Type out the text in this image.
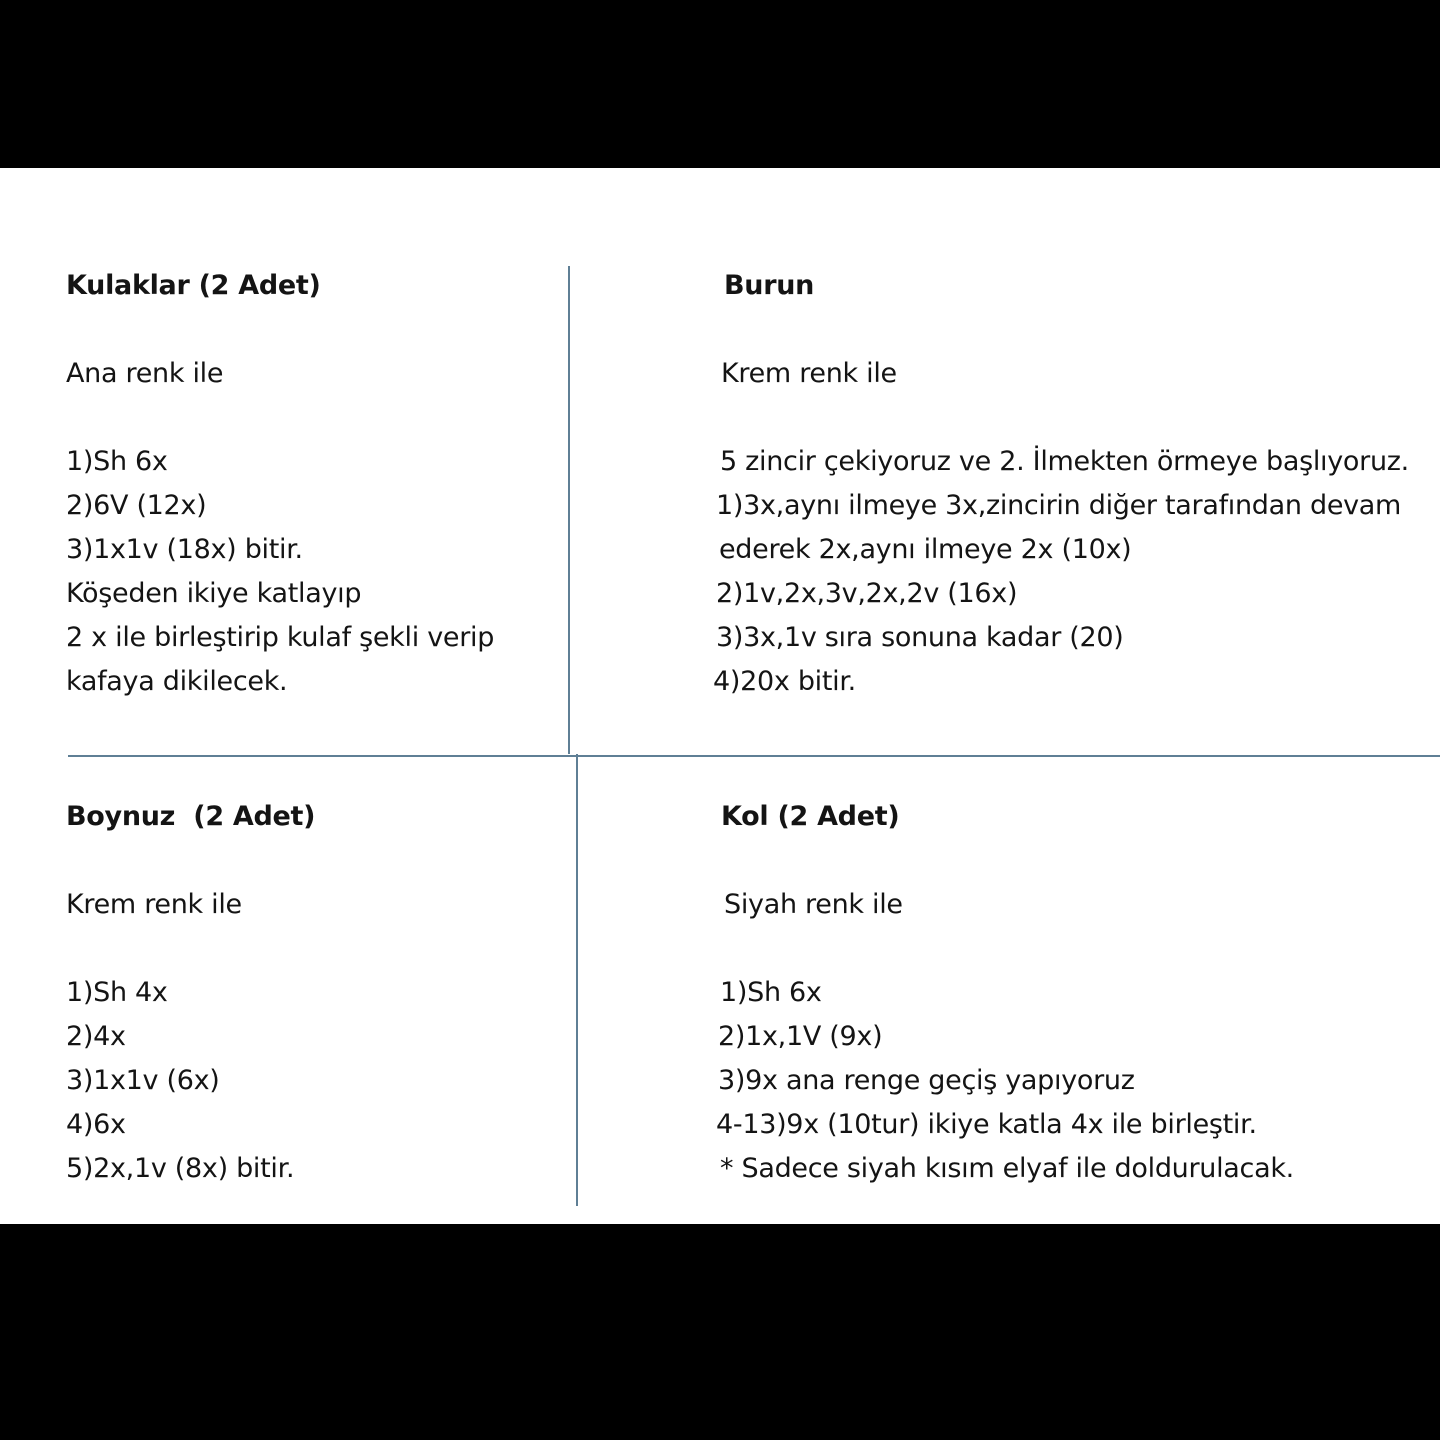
Kulaklar (2 Adet)
Ana renk ile
1)Sh 6x
2)6V (12x)
3)1x1v (18x) bitir.
Köşeden ikiye katlayıp
2 x ile birleştirip kulaf şekli verip
kafaya dikilecek.
Burun
Krem renk ile
5 zincir çekiyoruz ve 2. İlmekten örmeye başlıyoruz.
1)3x,aynı ilmeye 3x,zincirin diğer tarafından devam
ederek 2x,aynı ilmeye 2x (10x)
2)1v,2x,3v,2x,2v (16x)
3)3x,1v sıra sonuna kadar (20)
4)20x bitir.
Boynuz  (2 Adet)
Krem renk ile
1)Sh 4x
2)4x
3)1x1v (6x)
4)6x
5)2x,1v (8x) bitir.
Kol (2 Adet)
Siyah renk ile
1)Sh 6x
2)1x,1V (9x)
3)9x ana renge geçiş yapıyoruz
4-13)9x (10tur) ikiye katla 4x ile birleştir.
* Sadece siyah kısım elyaf ile doldurulacak.
